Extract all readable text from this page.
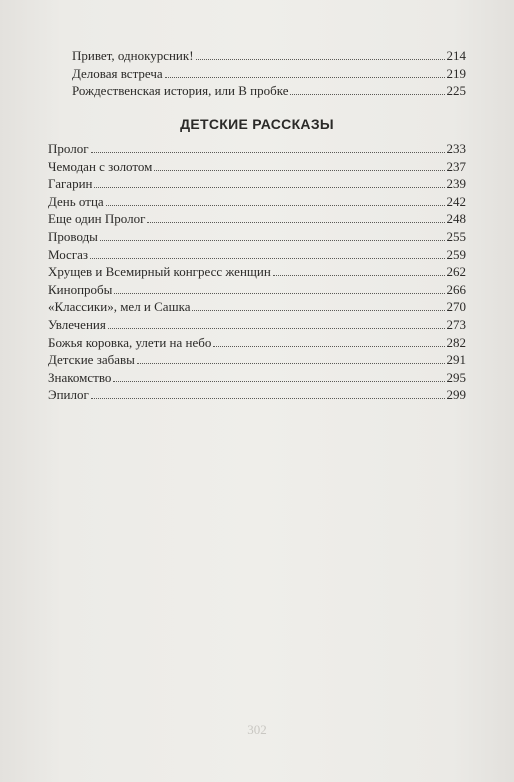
Привет, однокурсник!	214
Деловая встреча	219
Рождественская история, или В пробке	225
ДЕТСКИЕ РАССКАЗЫ
Пролог	233
Чемодан с золотом	237
Гагарин	239
День отца	242
Еще один Пролог	248
Проводы	255
Мосгаз	259
Хрущев и Всемирный конгресс женщин	262
Кинопробы	266
«Классики», мел и Сашка	270
Увлечения	273
Божья коровка, улети на небо	282
Детские забавы	291
Знакомство	295
Эпилог	299
302
